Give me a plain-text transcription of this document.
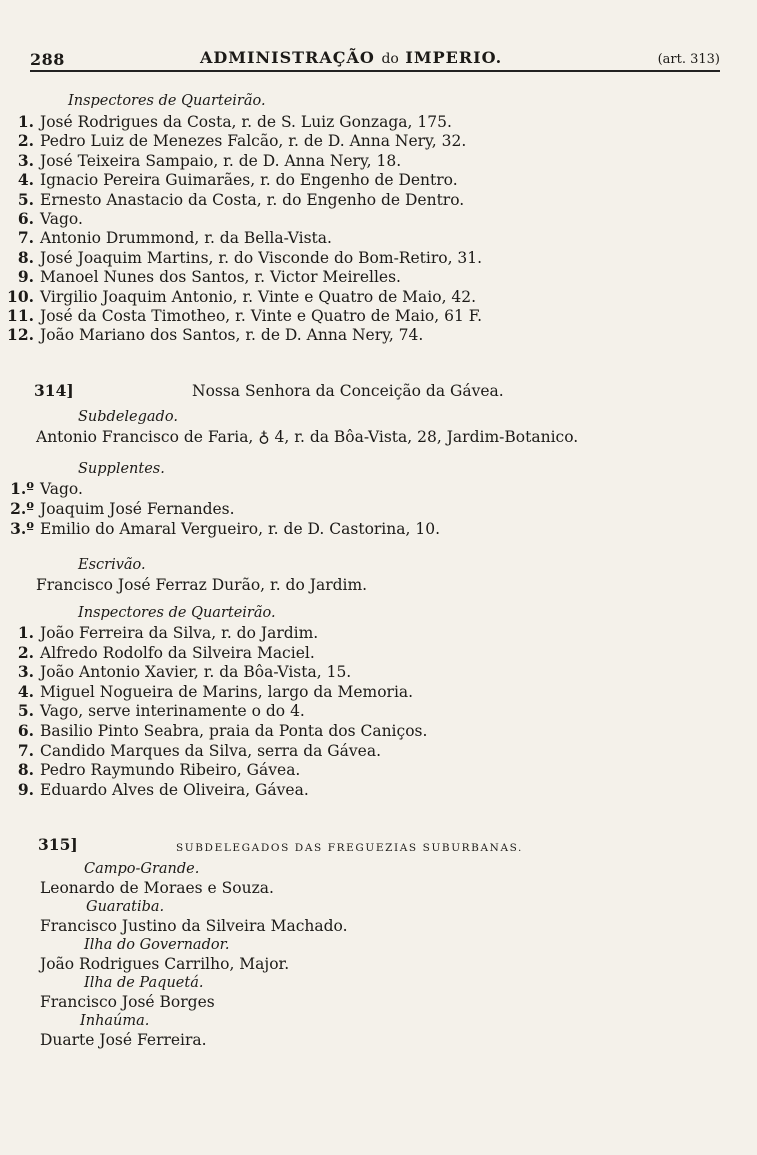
288	ADMINISTRAÇÃO do IMPERIO.	(art. 313)
Inspectores de Quarteirão.
314]	Nossa Senhora da Conceição da Gávea.
Subdelegado.
Antonio Francisco de Faria, ♁ 4, r. da Bôa-Vista, 28, Jardim-Botanico.
Supplentes.
Escrivão.
Francisco José Ferraz Durão, r. do Jardim.
Inspectores de Quarteirão.
315]	SUBDELEGADOS DAS FREGUEZIAS SUBURBANAS.
1. José Rodrigues da Costa, r. de S. Luiz Gonzaga, 175.
2. Pedro Luiz de Menezes Falcão, r. de D. Anna Nery, 32.
3. José Teixeira Sampaio, r. de D. Anna Nery, 18.
4. Ignacio Pereira Guimarães, r. do Engenho de Dentro.
5. Ernesto Anastacio da Costa, r. do Engenho de Dentro.
6. Vago.
7. Antonio Drummond, r. da Bella-Vista.
8. José Joaquim Martins, r. do Visconde do Bom-Retiro, 31.
9. Manoel Nunes dos Santos, r. Victor Meirelles.
10. Virgilio Joaquim Antonio, r. Vinte e Quatro de Maio, 42.
11. José da Costa Timotheo, r. Vinte e Quatro de Maio, 61 F.
12. João Mariano dos Santos, r. de D. Anna Nery, 74.
1.º Vago.
2.º Joaquim José Fernandes.
3.º Emilio do Amaral Vergueiro, r. de D. Castorina, 10.
1. João Ferreira da Silva, r. do Jardim.
2. Alfredo Rodolfo da Silveira Maciel.
3. João Antonio Xavier, r. da Bôa-Vista, 15.
4. Miguel Nogueira de Marins, largo da Memoria.
5. Vago, serve interinamente o do 4.
6. Basilio Pinto Seabra, praia da Ponta dos Caniços.
7. Candido Marques da Silva, serra da Gávea.
8. Pedro Raymundo Ribeiro, Gávea.
9. Eduardo Alves de Oliveira, Gávea.
Campo-Grande.
Leonardo de Moraes e Souza.
Guaratiba.
Francisco Justino da Silveira Machado.
Ilha do Governador.
João Rodrigues Carrilho, Major.
Ilha de Paquetá.
Francisco José Borges
Inhaúma.
Duarte José Ferreira.
